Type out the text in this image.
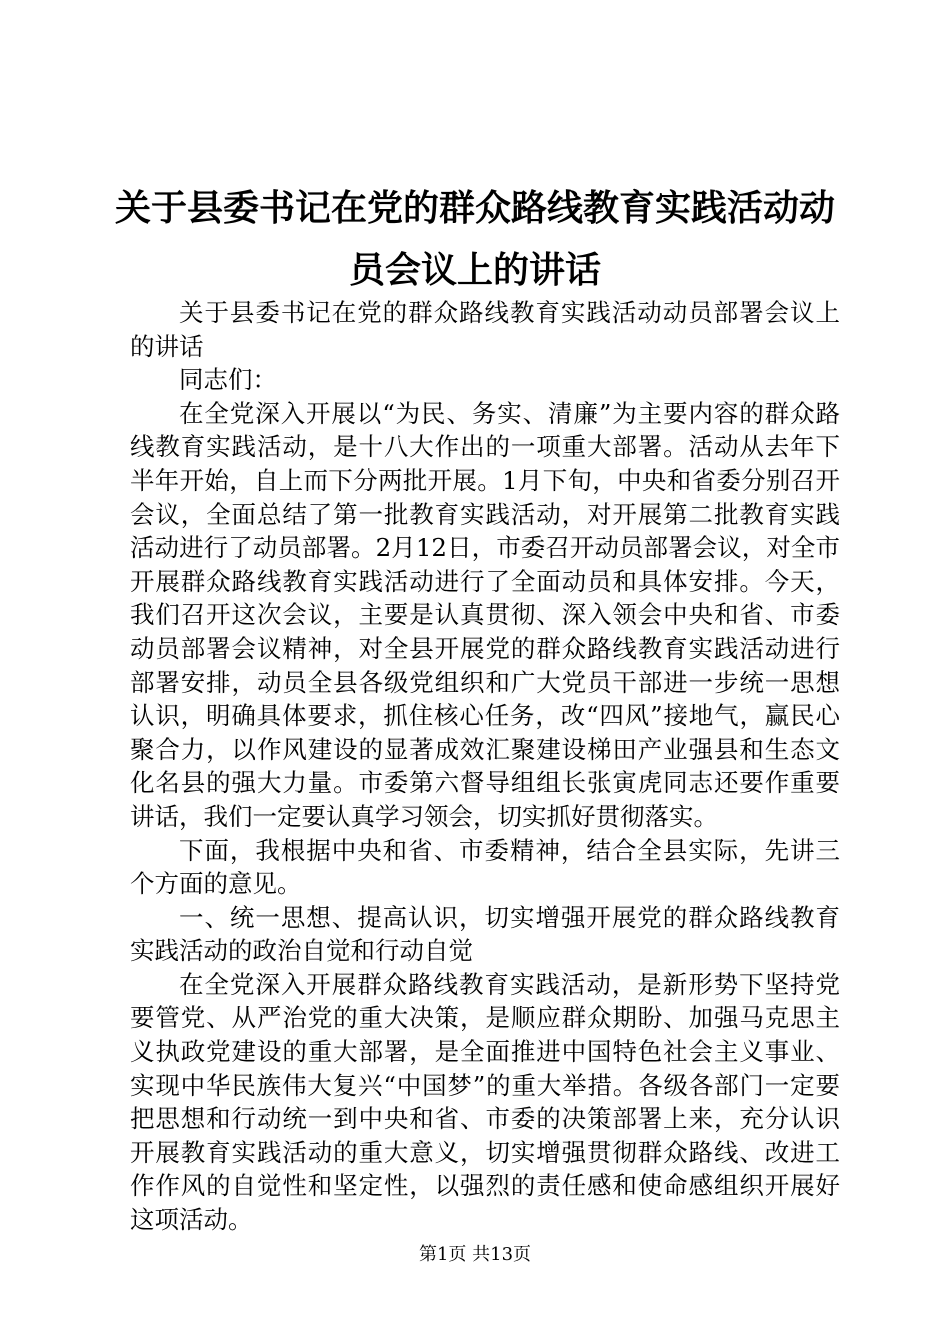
关于县委书记在党的群众路线教育实践活动动员会议上的讲话

关于县委书记在党的群众路线教育实践活动动员部署会议上的讲话

同志们：

在全党深入开展以“为民、务实、清廉”为主要内容的群众路线教育实践活动，是十八大作出的一项重大部署。活动从去年下半年开始，自上而下分两批开展。1月下旬，中央和省委分别召开会议，全面总结了第一批教育实践活动，对开展第二批教育实践活动进行了动员部署。2月12日，市委召开动员部署会议，对全市开展群众路线教育实践活动进行了全面动员和具体安排。今天，我们召开这次会议，主要是认真贯彻、深入领会中央和省、市委动员部署会议精神，对全县开展党的群众路线教育实践活动进行部署安排，动员全县各级党组织和广大党员干部进一步统一思想认识，明确具体要求，抓住核心任务，改“四风”接地气，赢民心聚合力，以作风建设的显著成效汇聚建设梯田产业强县和生态文化名县的强大力量。市委第六督导组组长张寅虎同志还要作重要讲话，我们一定要认真学习领会，切实抓好贯彻落实。

下面，我根据中央和省、市委精神，结合全县实际，先讲三个方面的意见。

一、统一思想、提高认识，切实增强开展党的群众路线教育实践活动的政治自觉和行动自觉

在全党深入开展群众路线教育实践活动，是新形势下坚持党要管党、从严治党的重大决策，是顺应群众期盼、加强马克思主义执政党建设的重大部署，是全面推进中国特色社会主义事业、实现中华民族伟大复兴“中国梦”的重大举措。各级各部门一定要把思想和行动统一到中央和省、市委的决策部署上来，充分认识开展教育实践活动的重大意义，切实增强贯彻群众路线、改进工作作风的自觉性和坚定性，以强烈的责任感和使命感组织开展好这项活动。

第1页 共13页
